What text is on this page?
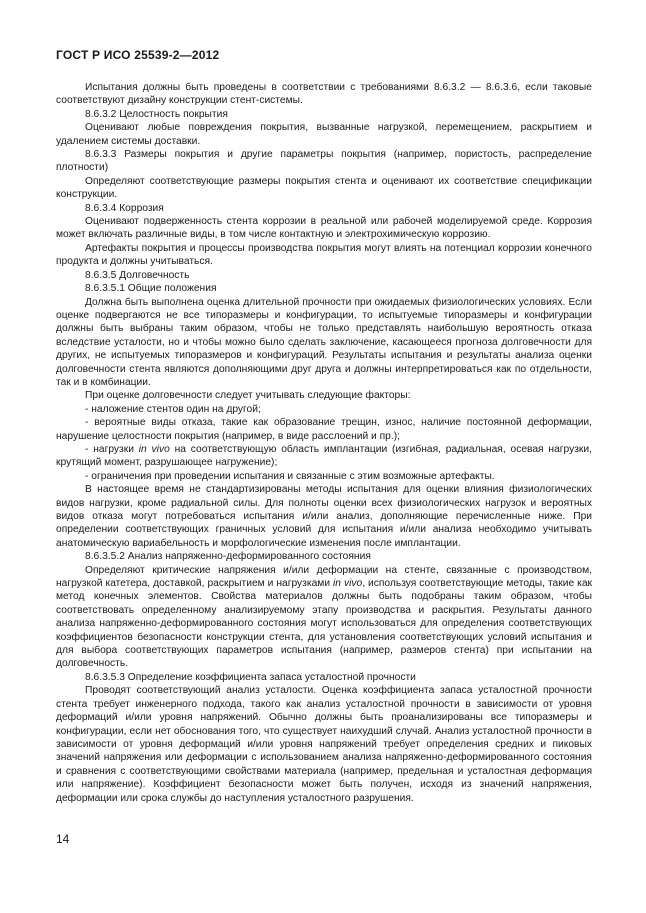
ГОСТ Р ИСО 25539-2—2012

Испытания должны быть проведены в соответствии с требованиями 8.6.3.2 — 8.6.3.6, если таковые соответствуют дизайну конструкции стент-системы.

8.6.3.2 Целостность покрытия

Оценивают любые повреждения покрытия, вызванные нагрузкой, перемещением, раскрытием и удалением системы доставки.

8.6.3.3 Размеры покрытия и другие параметры покрытия (например, пористость, распределение плотности)

Определяют соответствующие размеры покрытия стента и оценивают их соответствие спецификации конструкции.

8.6.3.4 Коррозия

Оценивают подверженность стента коррозии в реальной или рабочей моделируемой среде. Коррозия может включать различные виды, в том числе контактную и электрохимическую коррозию.

Артефакты покрытия и процессы производства покрытия могут влиять на потенциал коррозии конечного продукта и должны учитываться.

8.6.3.5 Долговечность

8.6.3.5.1 Общие положения

Должна быть выполнена оценка длительной прочности при ожидаемых физиологических условиях. Если оценке подвергаются не все типоразмеры и конфигурации, то испытуемые типоразмеры и конфигурации должны быть выбраны таким образом, чтобы не только представлять наибольшую вероятность отказа вследствие усталости, но и чтобы можно было сделать заключение, касающееся прогноза долговечности для других, не испытуемых типоразмеров и конфигураций. Результаты испытания и результаты анализа оценки долговечности стента являются дополняющими друг друга и должны интерпретироваться как по отдельности, так и в комбинации.

При оценке долговечности следует учитывать следующие факторы:

- наложение стентов один на другой;

- вероятные виды отказа, такие как образование трещин, износ, наличие постоянной деформации, нарушение целостности покрытия (например, в виде расслоений и пр.);

- нагрузки in vivo на соответствующую область имплантации (изгибная, радиальная, осевая нагрузки, крутящий момент, разрушающее нагружение);

- ограничения при проведении испытания и связанные с этим возможные артефакты.

В настоящее время не стандартизированы методы испытания для оценки влияния физиологических видов нагрузки, кроме радиальной силы. Для полноты оценки всех физиологических нагрузок и вероятных видов отказа могут потребоваться испытания и/или анализ, дополняющие перечисленные ниже. При определении соответствующих граничных условий для испытания и/или анализа необходимо учитывать анатомическую вариабельность и морфологические изменения после имплантации.

8.6.3.5.2 Анализ напряженно-деформированного состояния

Определяют критические напряжения и/или деформации на стенте, связанные с производством, нагрузкой катетера, доставкой, раскрытием и нагрузками in vivo, используя соответствующие методы, такие как метод конечных элементов. Свойства материалов должны быть подобраны таким образом, чтобы соответствовать определенному анализируемому этапу производства и раскрытия. Результаты данного анализа напряженно-деформированного состояния могут использоваться для определения соответствующих коэффициентов безопасности конструкции стента, для установления соответствующих условий испытания и для выбора соответствующих параметров испытания (например, размеров стента) при испытании на долговечность.

8.6.3.5.3 Определение коэффициента запаса усталостной прочности

Проводят соответствующий анализ усталости. Оценка коэффициента запаса усталостной прочности стента требует инженерного подхода, такого как анализ усталостной прочности в зависимости от уровня деформаций и/или уровня напряжений. Обычно должны быть проанализированы все типоразмеры и конфигурации, если нет обоснования того, что существует наихудший случай. Анализ усталостной прочности в зависимости от уровня деформаций и/или уровня напряжений требует определения средних и пиковых значений напряжения или деформации с использованием анализа напряженно-деформированного состояния и сравнения с соответствующими свойствами материала (например, предельная и усталостная деформация или напряжение). Коэффициент безопасности может быть получен, исходя из значений напряжения, деформации или срока службы до наступления усталостного разрушения.

14
